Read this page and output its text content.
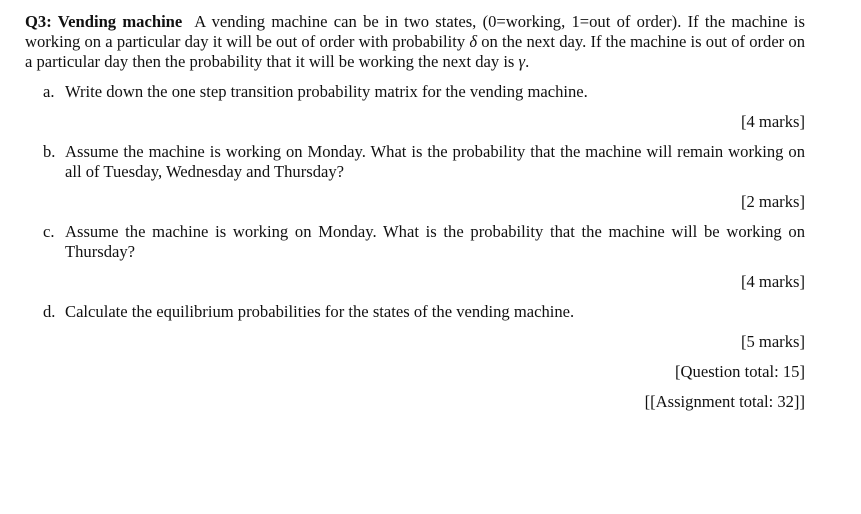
Q3: Vending machine A vending machine can be in two states, (0=working, 1=out of order). If the machine is working on a particular day it will be out of order with probability δ on the next day. If the machine is out of order on a particular day then the probability that it will be working the next day is γ.

a. Write down the one step transition probability matrix for the vending machine.
[4 marks]
b. Assume the machine is working on Monday. What is the probability that the machine will remain working on all of Tuesday, Wednesday and Thursday?
[2 marks]
c. Assume the machine is working on Monday. What is the probability that the machine will be working on Thursday?
[4 marks]
d. Calculate the equilibrium probabilities for the states of the vending machine.
[5 marks]
[Question total: 15]
[[Assignment total: 32]]
